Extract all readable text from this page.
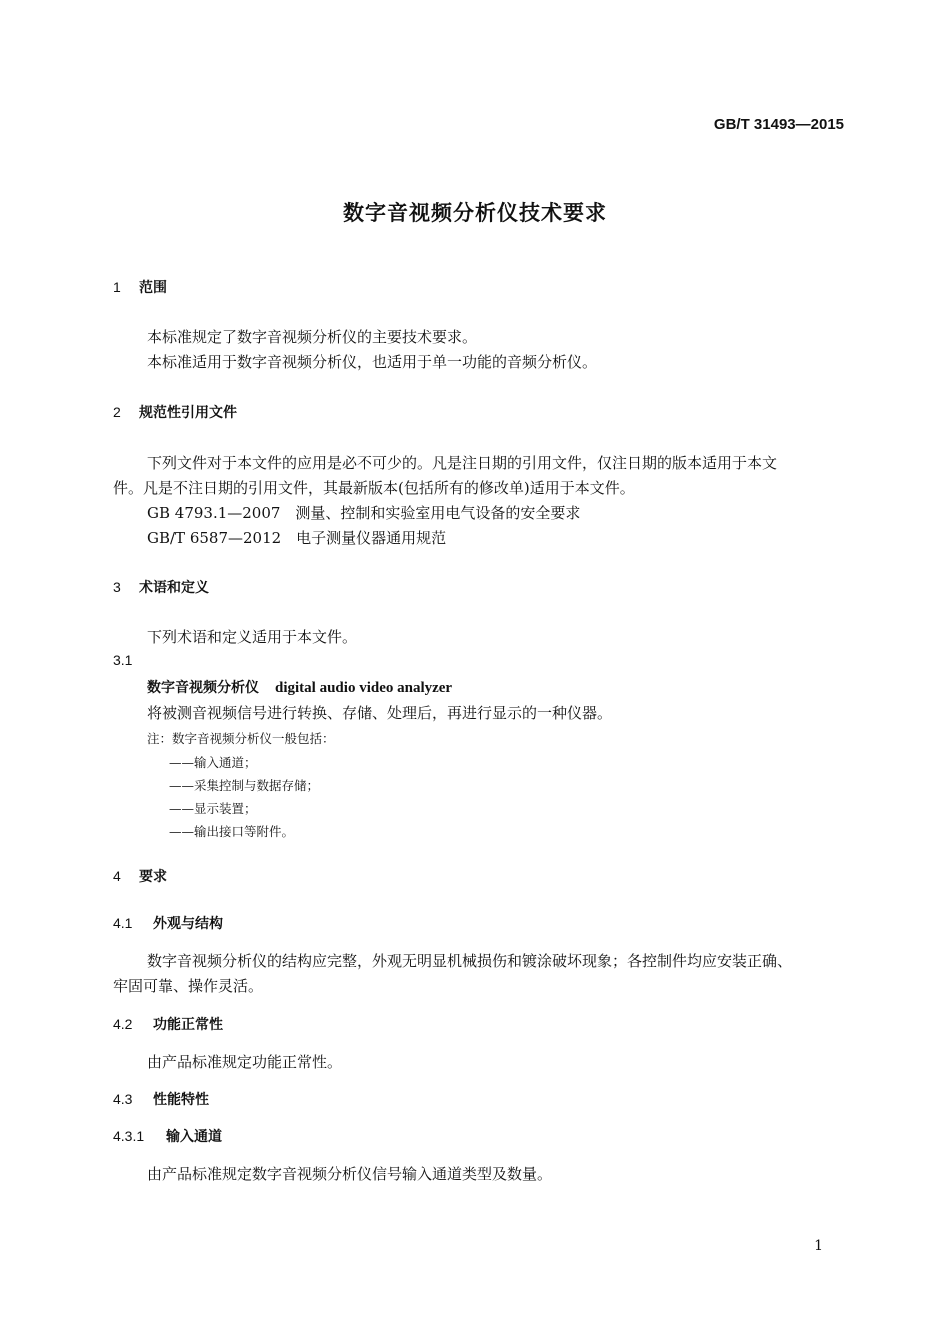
GB/T 31493—2015
数字音视频分析仪技术要求
1 范围
本标准规定了数字音视频分析仪的主要技术要求。
本标准适用于数字音视频分析仪，也适用于单一功能的音频分析仪。
2 规范性引用文件
下列文件对于本文件的应用是必不可少的。凡是注日期的引用文件，仅注日期的版本适用于本文
件。凡是不注日期的引用文件，其最新版本(包括所有的修改单)适用于本文件。
GB 4793.1—2007　测量、控制和实验室用电气设备的安全要求
GB/T 6587—2012　电子测量仪器通用规范
3 术语和定义
下列术语和定义适用于本文件。
3.1
数字音视频分析仪 digital audio video analyzer
将被测音视频信号进行转换、存储、处理后，再进行显示的一种仪器。
注：数字音视频分析仪一般包括：
——输入通道；
——采集控制与数据存储；
——显示装置；
——输出接口等附件。
4 要求
4.1 外观与结构
数字音视频分析仪的结构应完整，外观无明显机械损伤和镀涂破坏现象；各控制件均应安装正确、
牢固可靠、操作灵活。
4.2 功能正常性
由产品标准规定功能正常性。
4.3 性能特性
4.3.1 输入通道
由产品标准规定数字音视频分析仪信号输入通道类型及数量。
1
